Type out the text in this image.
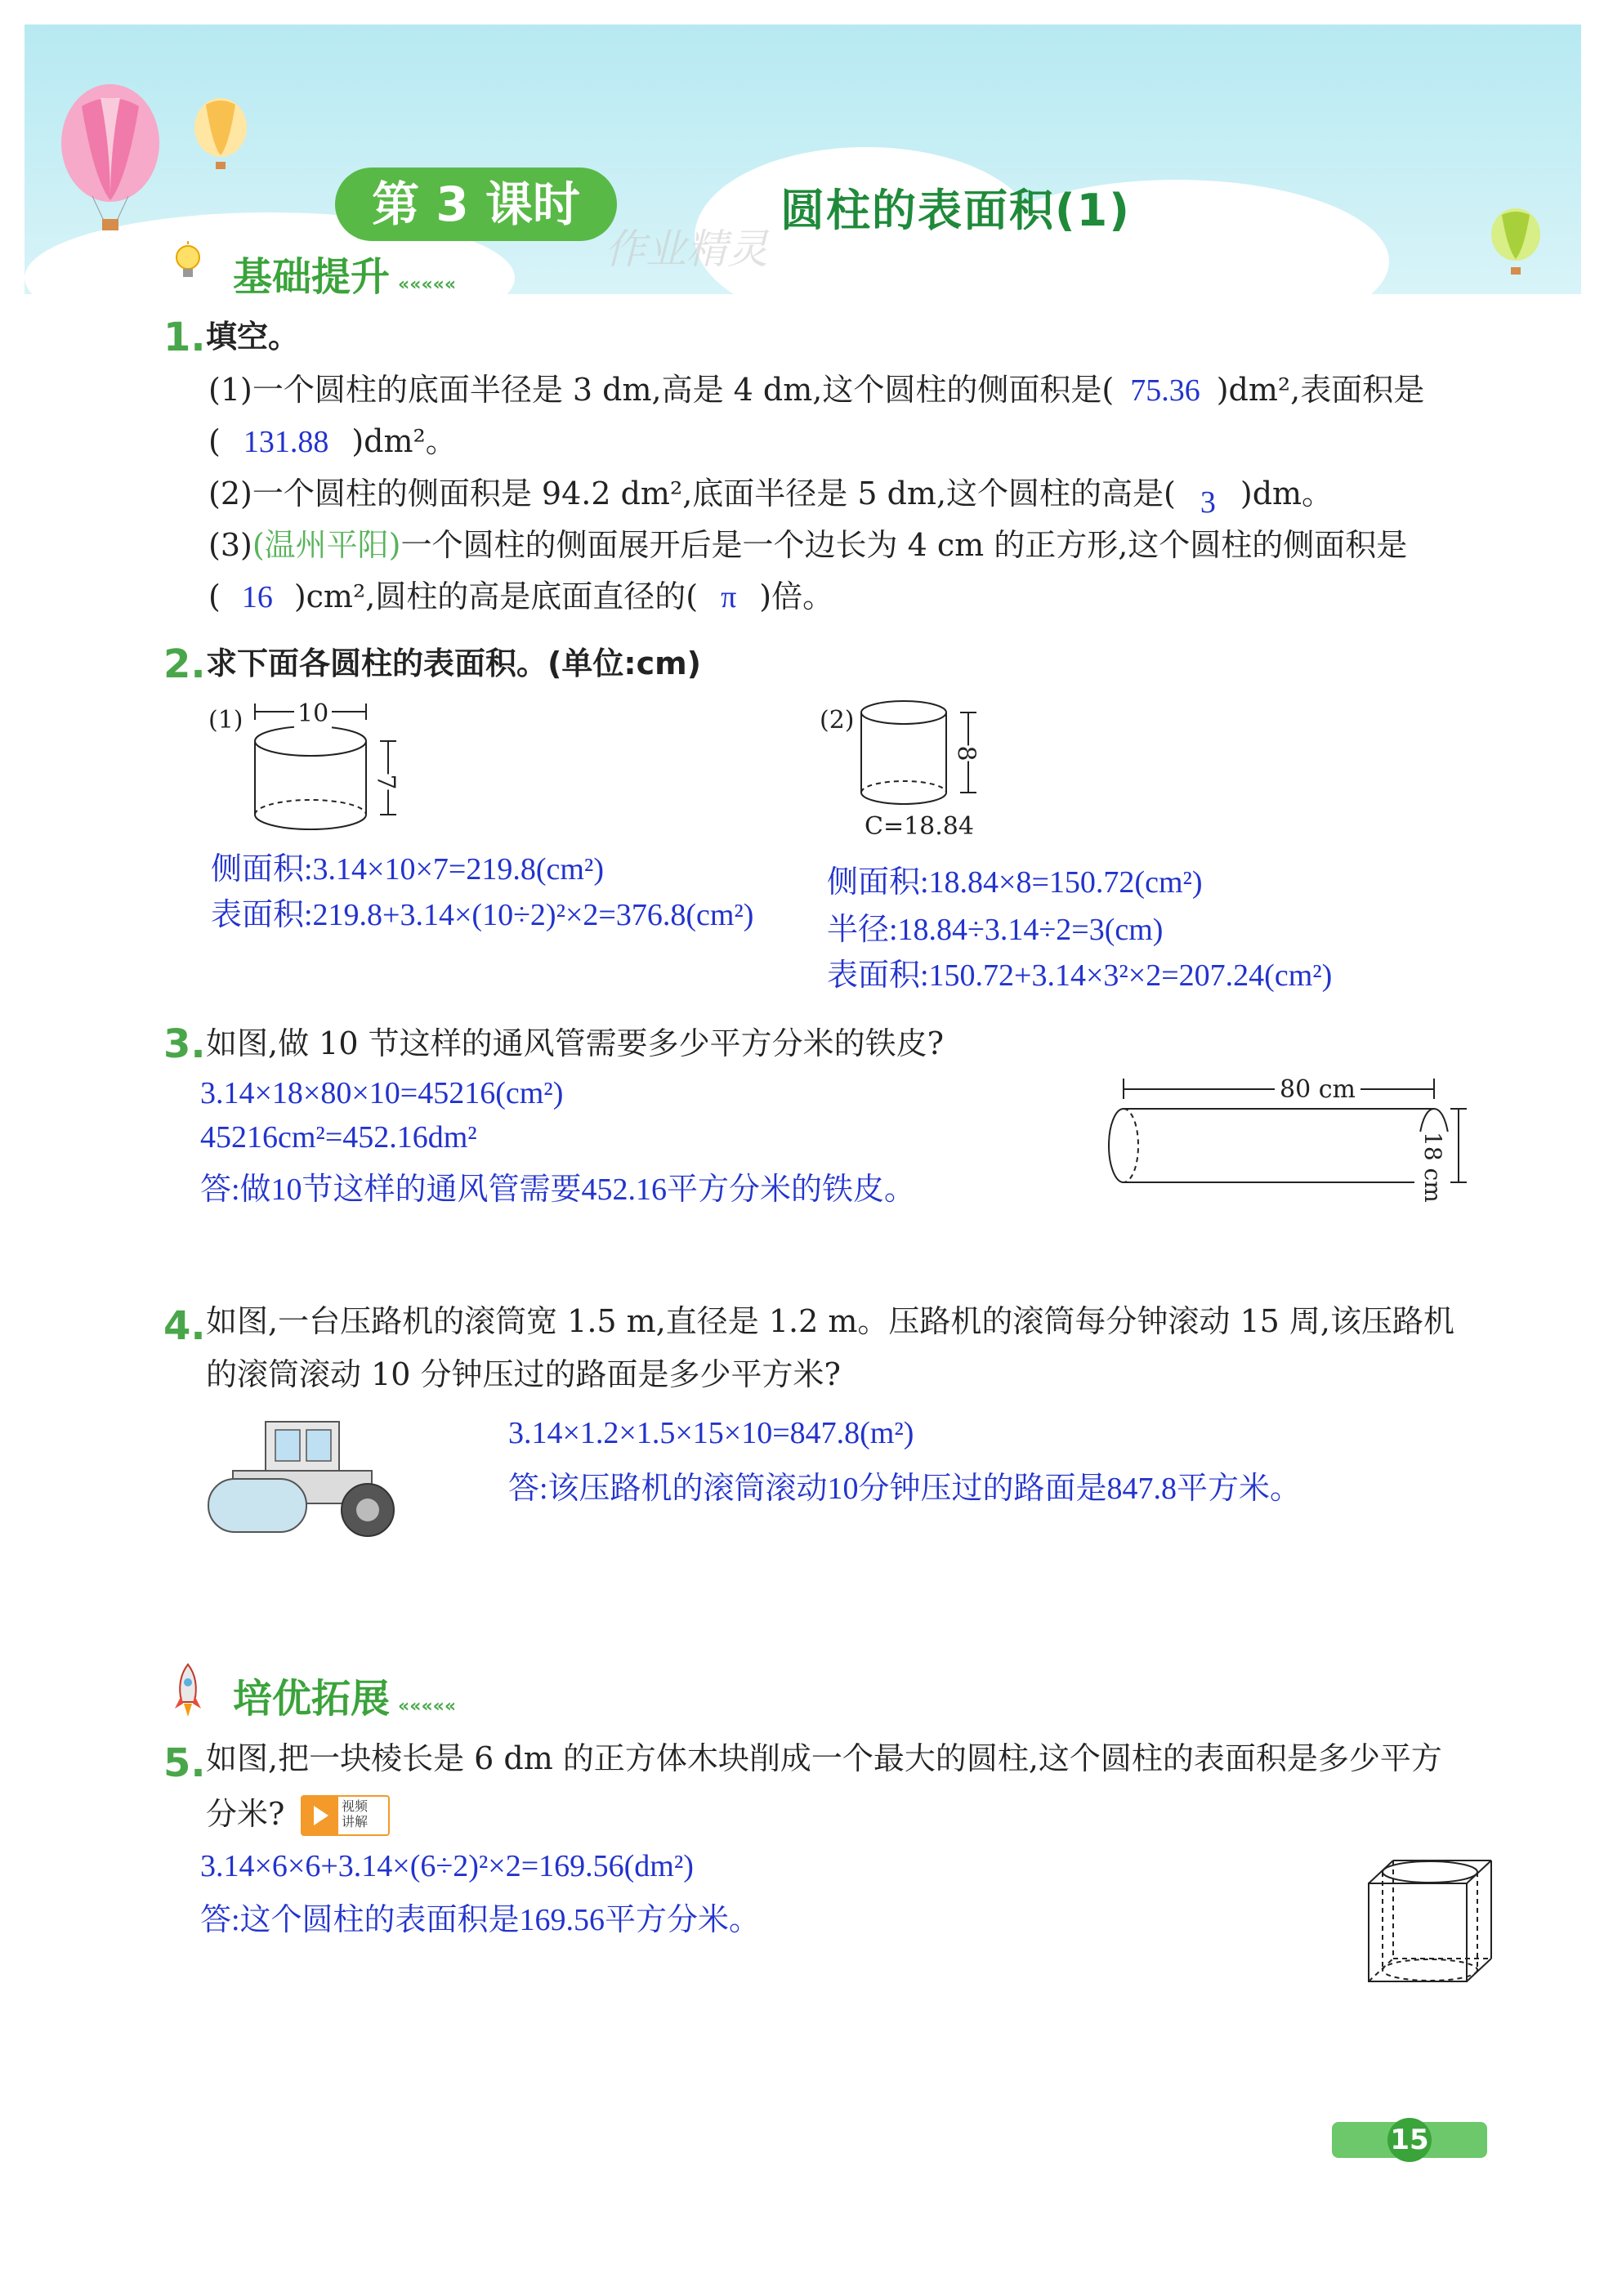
第 3 课时	圆柱的表面积(1)
作业精灵
基础提升 «««««
1. 填空。
(1)一个圆柱的底面半径是 3 dm,高是 4 dm,这个圆柱的侧面积是( 75.36 )dm²,表面积是
( 131.88 )dm²。
(2)一个圆柱的侧面积是 94.2 dm²,底面半径是 5 dm,这个圆柱的高是( 3 )dm。
(3)(温州平阳)一个圆柱的侧面展开后是一个边长为 4 cm 的正方形,这个圆柱的侧面积是
( 16 )cm²,圆柱的高是底面直径的( π )倍。
2. 求下面各圆柱的表面积。(单位:cm)
(1) 10
7
侧面积:3.14×10×7=219.8(cm²)
表面积:219.8+3.14×(10÷2)²×2=376.8(cm²)
(2)
8
C=18.84
侧面积:18.84×8=150.72(cm²)
半径:18.84÷3.14÷2=3(cm)
表面积:150.72+3.14×3²×2=207.24(cm²)
3. 如图,做 10 节这样的通风管需要多少平方分米的铁皮?
3.14×18×80×10=45216(cm²)
45216cm²=452.16dm²
答:做10节这样的通风管需要452.16平方分米的铁皮。
80 cm
18 cm
4. 如图,一台压路机的滚筒宽 1.5 m,直径是 1.2 m。压路机的滚筒每分钟滚动 15 周,该压路机
的滚筒滚动 10 分钟压过的路面是多少平方米?
3.14×1.2×1.5×15×10=847.8(m²)
答:该压路机的滚筒滚动10分钟压过的路面是847.8平方米。
培优拓展 «««««
5. 如图,把一块棱长是 6 dm 的正方体木块削成一个最大的圆柱,这个圆柱的表面积是多少平方
分米?	视频
讲解
3.14×6×6+3.14×(6÷2)²×2=169.56(dm²)
答:这个圆柱的表面积是169.56平方分米。
15
